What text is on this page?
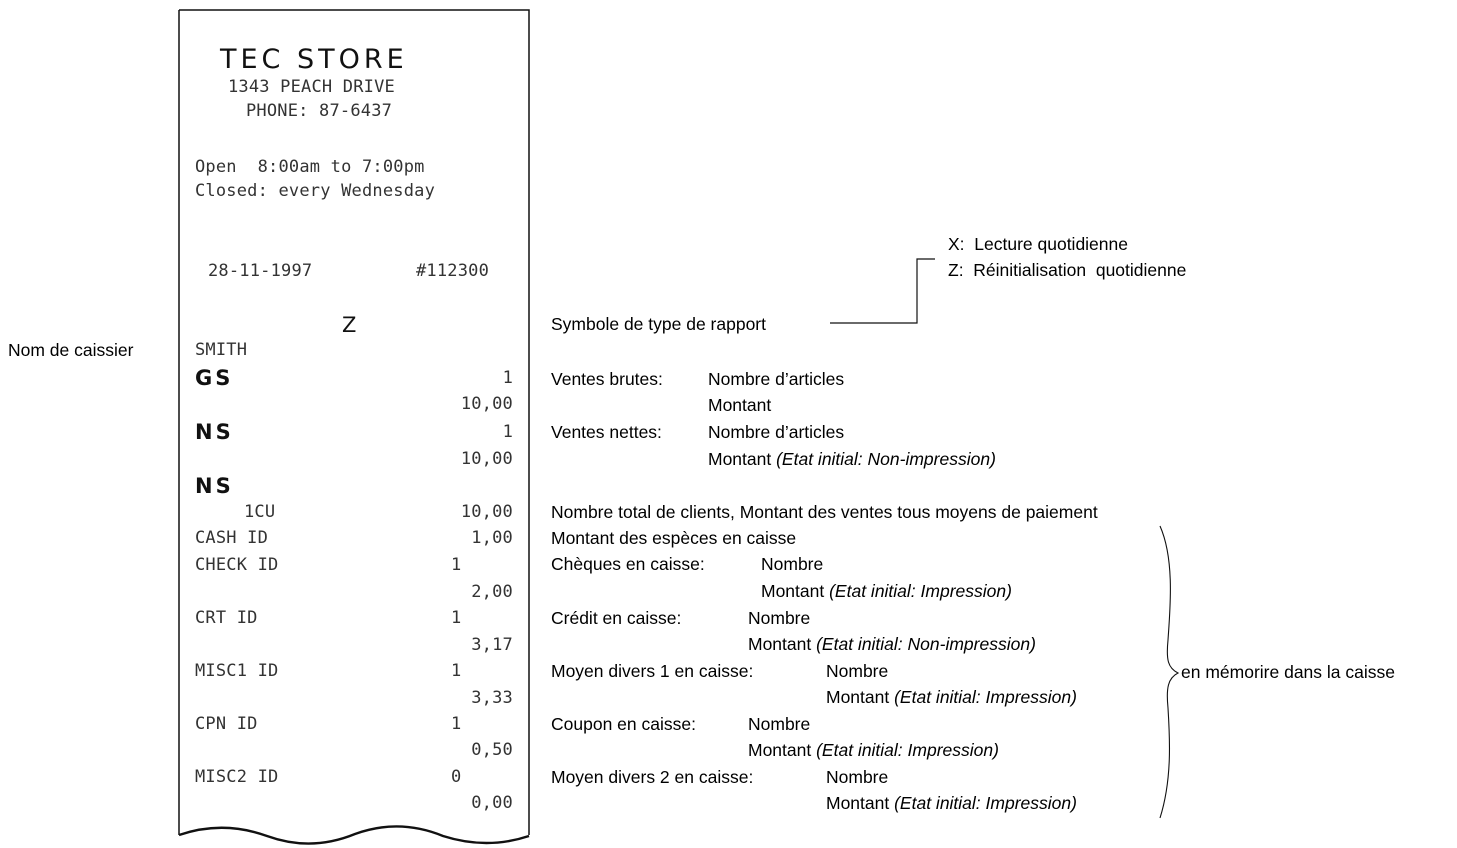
TEC STORE
1343 PEACH DRIVE
PHONE: 87-6437
Open  8:00am to 7:00pm
Closed: every Wednesday
28-11-1997	#112300
Z
SMITH
GS	1
10,00
NS	1
10,00
NS
1CU	10,00
CASH ID	1,00
CHECK ID	1
2,00
CRT ID	1
3,17
MISC1 ID	1
3,33
CPN ID	1
0,50
MISC2 ID	0
0,00
Nom de caissier
X:  Lecture quotidienne
Z:  Réinitialisation  quotidienne
Symbole de type de rapport
Ventes brutes:	Nombre d’articles
Montant
Ventes nettes:	Nombre d’articles
Montant (Etat initial: Non-impression)
Nombre total de clients, Montant des ventes tous moyens de paiement
Montant des espèces en caisse
Chèques en caisse:	Nombre
Montant (Etat initial: Impression)
Crédit en caisse:	Nombre
Montant (Etat initial: Non-impression)
Moyen divers 1 en caisse:	Nombre
Montant (Etat initial: Impression)
Coupon en caisse:	Nombre
Montant (Etat initial: Impression)
Moyen divers 2 en caisse:	Nombre
Montant (Etat initial: Impression)
en mémorire dans la caisse
